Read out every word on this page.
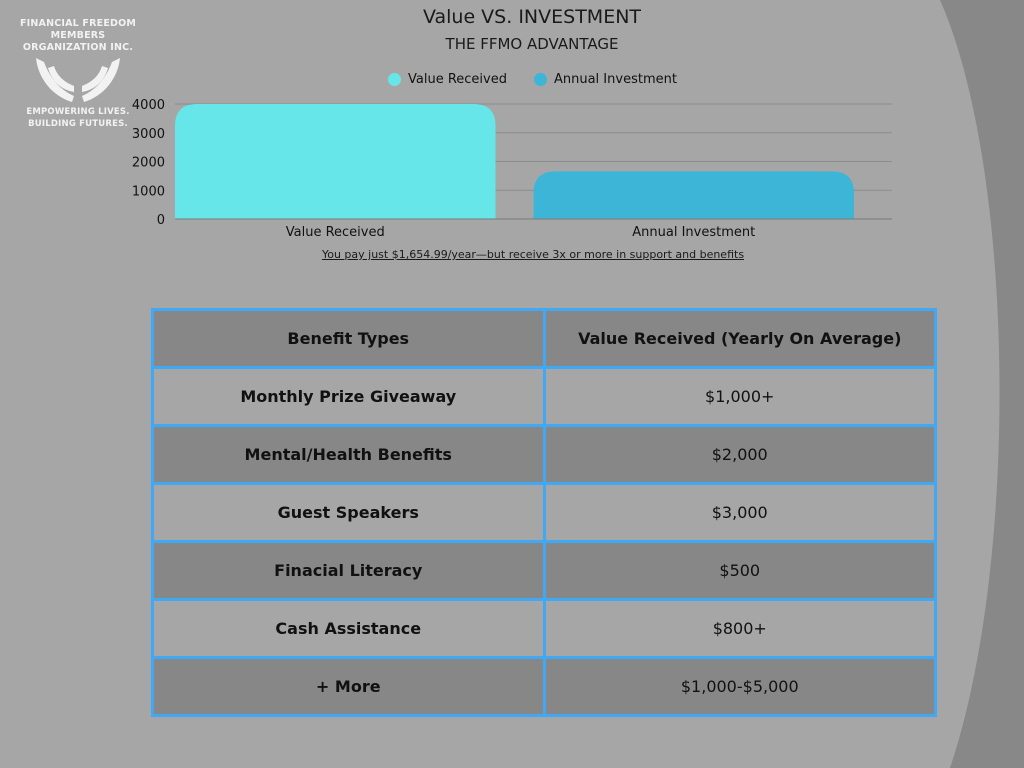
FINANCIAL FREEDOM MEMBERS ORGANIZATION INC.
EMPOWERING LIVES.
BUILDING FUTURES.
Value VS. INVESTMENT
THE FFMO ADVANTAGE
Value Received	Annual Investment
0
1000
2000
3000
4000
Value Received	Annual Investment
You pay just $1,654.99/year—but receive 3x or more in support and benefits
Benefit Types	Value Received (Yearly On Average)
Monthly Prize Giveaway	$1,000+
Mental/Health Benefits	$2,000
Guest Speakers	$3,000
Finacial Literacy	$500
Cash Assistance	$800+
+ More	$1,000-$5,000
